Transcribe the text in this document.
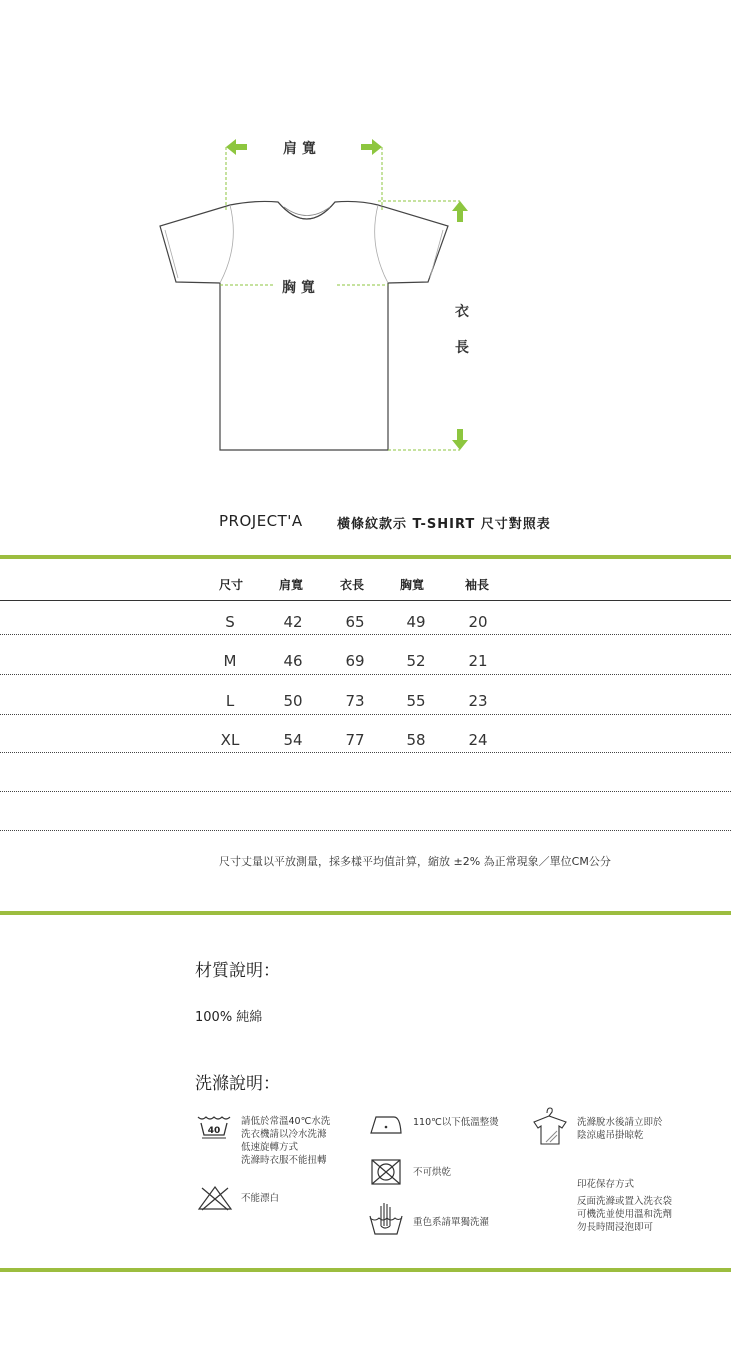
肩 寬
胸 寬
衣
長
PROJECT'A	橫條紋款示 T-SHIRT 尺寸對照表
尺寸	肩寬	衣長	胸寬	袖長
S	42	65	49	20
M	46	69	52	21
L	50	73	55	23
XL	54	77	58	24
尺寸丈量以平放測量，採多樣平均值計算，縮放 ±2% 為正常現象／單位CM公分
材質說明：
100% 純綿
洗滌說明：
40
請低於常溫40℃水洗
洗衣機請以冷水洗滌
低速旋轉方式
洗滌時衣服不能扭轉
110℃以下低溫整燙	洗滌脫水後請立即於
陰涼處吊掛晾乾
不可烘乾
不能漂白
印花保存方式
反面洗滌或置入洗衣袋
可機洗並使用溫和洗劑
勿長時間浸泡即可
重色系請單獨洗濯
